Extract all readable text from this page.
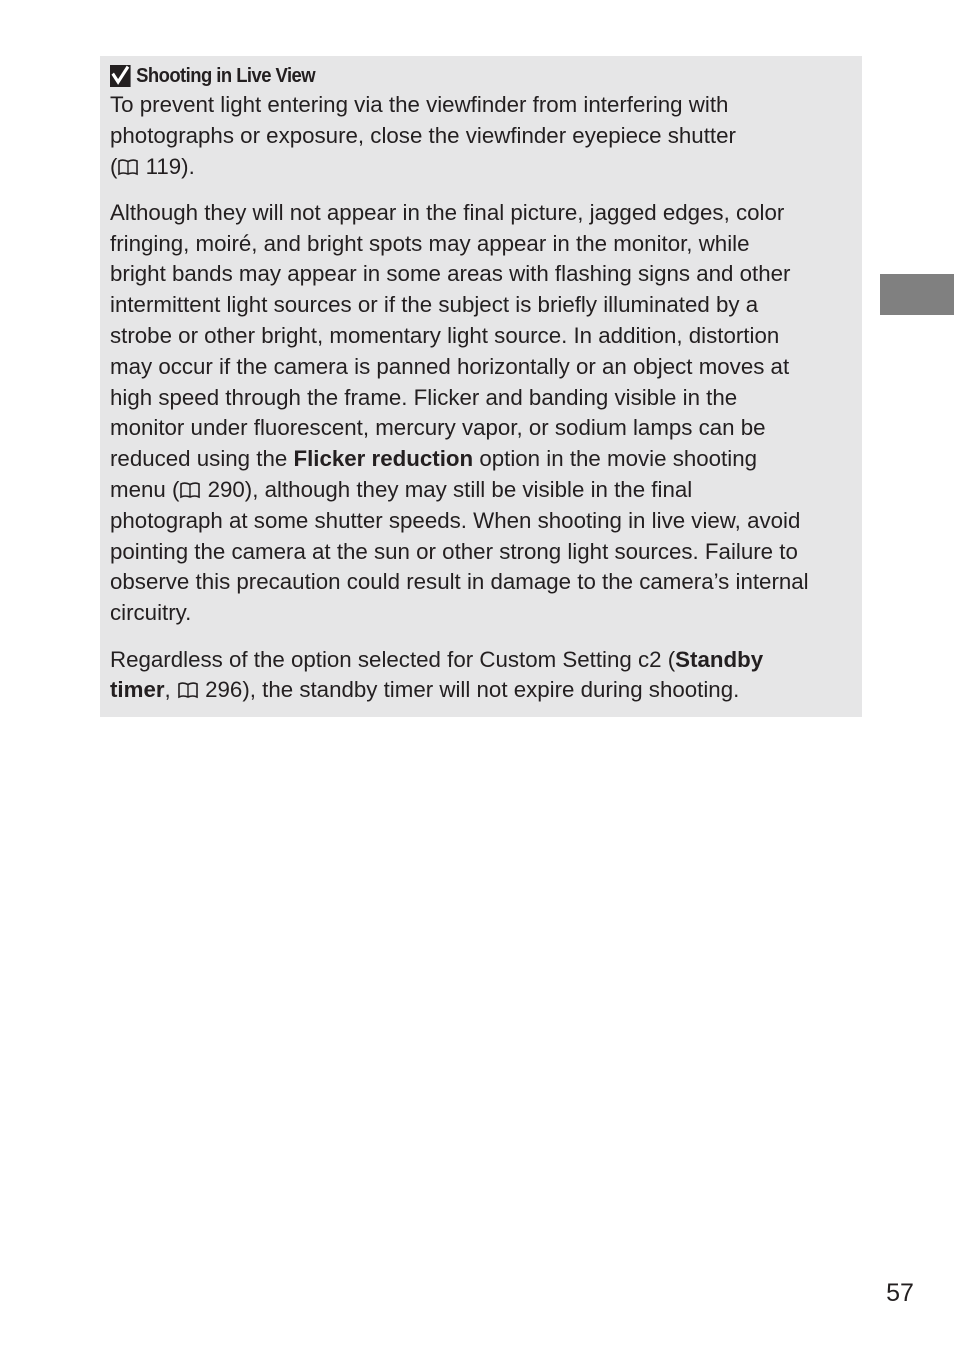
Shooting in Live View
To prevent light entering via the viewfinder from interfering with
photographs or exposure, close the viewfinder eyepiece shutter
( 119).
Although they will not appear in the final picture, jagged edges, color
fringing, moiré, and bright spots may appear in the monitor, while
bright bands may appear in some areas with flashing signs and other
intermittent light sources or if the subject is briefly illuminated by a
strobe or other bright, momentary light source. In addition, distortion
may occur if the camera is panned horizontally or an object moves at
high speed through the frame. Flicker and banding visible in the
monitor under fluorescent, mercury vapor, or sodium lamps can be
reduced using the Flicker reduction option in the movie shooting
menu ( 290), although they may still be visible in the final
photograph at some shutter speeds. When shooting in live view, avoid
pointing the camera at the sun or other strong light sources. Failure to
observe this precaution could result in damage to the camera’s internal
circuitry.
Regardless of the option selected for Custom Setting c2 (Standby
timer,  296), the standby timer will not expire during shooting.
57
